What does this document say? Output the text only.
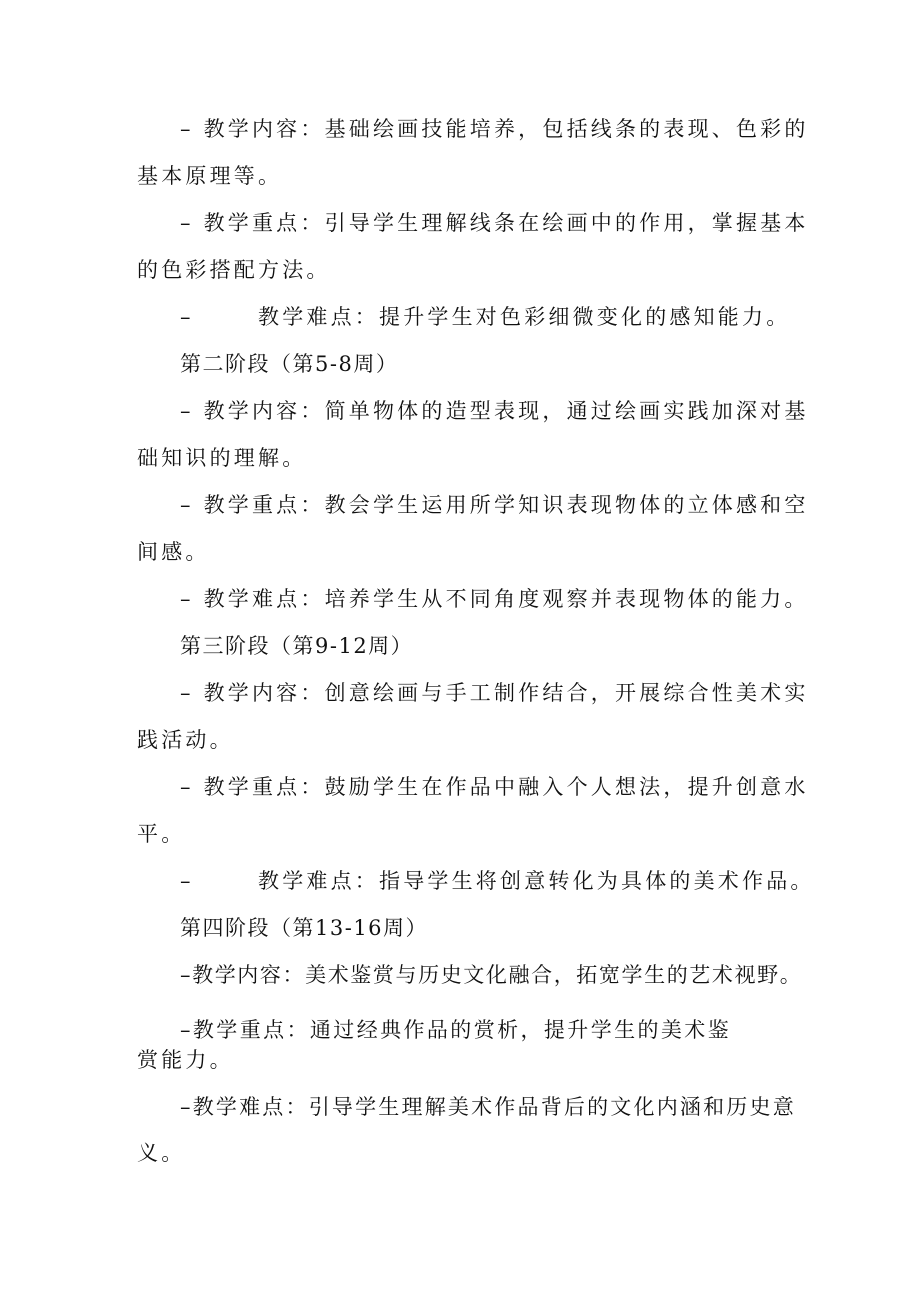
– 教学内容：基础绘画技能培养，包括线条的表现、色彩的
基本原理等。
– 教学重点：引导学生理解线条在绘画中的作用，掌握基本
的色彩搭配方法。
–	教学难点：提升学生对色彩细微变化的感知能力。
第二阶段（第5-8周）
– 教学内容：简单物体的造型表现，通过绘画实践加深对基
础知识的理解。
– 教学重点：教会学生运用所学知识表现物体的立体感和空
间感。
– 教学难点：培养学生从不同角度观察并表现物体的能力。
第三阶段（第9-12周）
– 教学内容：创意绘画与手工制作结合，开展综合性美术实
践活动。
– 教学重点：鼓励学生在作品中融入个人想法，提升创意水
平。
–	教学难点：指导学生将创意转化为具体的美术作品。
第四阶段（第13-16周）
–教学内容：美术鉴赏与历史文化融合，拓宽学生的艺术视野。
–教学重点：通过经典作品的赏析，提升学生的美术鉴
赏能力。
–教学难点：引导学生理解美术作品背后的文化内涵和历史意
义。
